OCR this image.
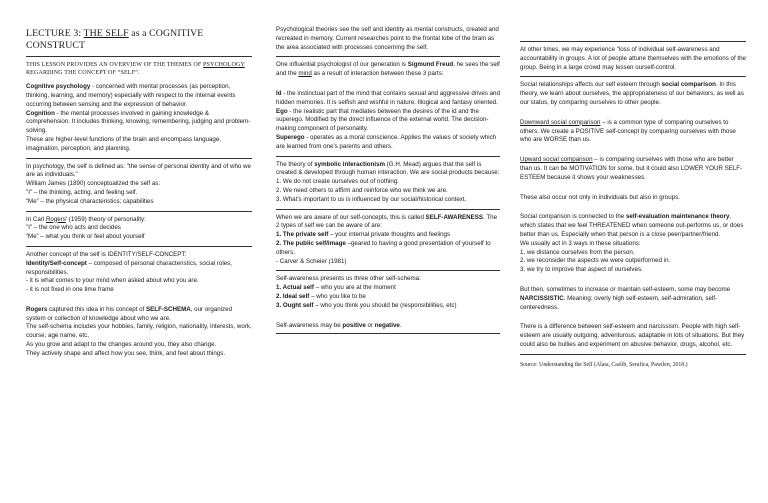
LECTURE 3: THE SELF as a COGNITIVE CONSTRUCT
THIS LESSON PROVIDES AN OVERVIEW OF THE THEMES OF PSYCHOLOGY REGARDING THE CONCEPT OF “SELF”.

Cognitive psychology - concerned with mental processes (as perception, thinking, learning, and memory) especially with respect to the internal events occurring between sensing and the expression of behavior.

Cognition - the mental processes involved in gaining knowledge & comprehension. It includes thinking, knowing, remembering, judging and problem-solving.

These are higher-level functions of the brain and encompass language, imagination, perception, and planning.

In psychology, the self is defined as: "the sense of personal identity and of who we are as individuals."

William James (1890) conceptualized the self as:

"I" – the thinking, acting, and feeling self.

“Me” – the physical characteristics; capabilities

In Carl Rogers' (1959) theory of personality:

"I" – the one who acts and decides

“Me” – what you think or feel about yourself

Another concept of the self is IDENTITY/SELF-CONCEPT:

Identity/Self-concept – composed of personal characteristics, social roles, responsibilities.

- it is what comes to your mind when asked about who you are.

- it is not fixed in one time frame

Rogers captured this idea in his concept of SELF-SCHEMA, our organized system or collection of knowledge about who we are.

The self-schema includes your hobbies, family, religion, nationality, interests, work, course, age name, etc,

As you grow and adapt to the changes around you, they also change.

They actively shape and affect how you see, think, and feel about things.

Psychological theories see the self and identity as mental constructs, created and recreated in memory. Current researches point to the frontal lobe of the brain as the area associated with processes concerning the self.

One influential psychologist of our generation is Sigmund Freud, he sees the self and the mind as a result of interaction between these 3 parts:

Id - the instinctual part of the mind that contains sexual and aggressive drives and hidden memories. It is selfish and wishful in nature. Illogical and fantasy oriented.

Ego - the realistic part that mediates between the desires of the id and the superego. Modified by the direct influence of the external world. The decision-making component of personality.

Superego - operates as a moral conscience. Applies the values of society which are learned from one's parents and others.

The theory of symbolic interactionism (G.H. Mead) argues that the self is created & developed through human interaction. We are social products because:

1. We do not create ourselves out of nothing.

2. We need others to affirm and reinforce who we think we are.

3. What's important to us is influenced by our social/historical context.

When we are aware of our self-concepts, this is called SELF-AWARENESS. The 2 types of self we can be aware of are:

1. The private self – your internal private thoughts and feelings

2. The public self/image –geared to having a good presentation of yourself to others.

- Carver & Scheier (1981)

Self-awareness presents us three other self-schema:

1. Actual self – who you are at the moment

2. Ideal self – who you like to be

3. Ought self – who you think you should be (responsibilities, etc)

Self-awareness may be positive or negative.

At other times, we may experience "loss of individual self-awareness and accountability in groups. A lot of people attune themselves with the emotions of the group. Being in a large crowd may lessen ourself-control.

Social relationships affects our self esteem through social comparison. In this theory, we learn about ourselves, the appropriateness of our behaviors, as well as our status, by comparing ourselves to other people.

Downward social comparison – is a common type of comparing ourselves to others. We create a POSITIVE self-concept by comparing ourselves with those who are WORSE than us.

Upward social comparison – is comparing ourselves with those who are better than us. It can be MOTIVATION for some, but it could also LOWER YOUR SELF-ESTEEM because it shows your weaknesses.

These also occur not only in individuals but also in groups.

Social comparison is connected to the self-evaluation maintenance theory, which states that we feel THREATENED when someone out-performs us, or does better than us. Especially when that person is a close peer/partner/friend.

We usually act in 3 ways in these situations:

1. we distance ourselves from the person.

2. we reconsider the aspects we were outperformed in.

3. we try to improve that aspect of ourselves.

But then, sometimes to increase or maintain self-esteem, some may become NARCISSISTIC. Meaning: overly high self-esteem, self-admiration, self-centeredness.

There is a difference between self-esteem and narcissism. People with high self-esteem are usually outgoing, adventurous, adaptable in lots of situations. But they could also be bullies and experiment on abusive behavior, drugs, alcohol, etc.

Source: Understanding the Self (Alata, Caslib, Serafica, Pawilen, 2018.)
